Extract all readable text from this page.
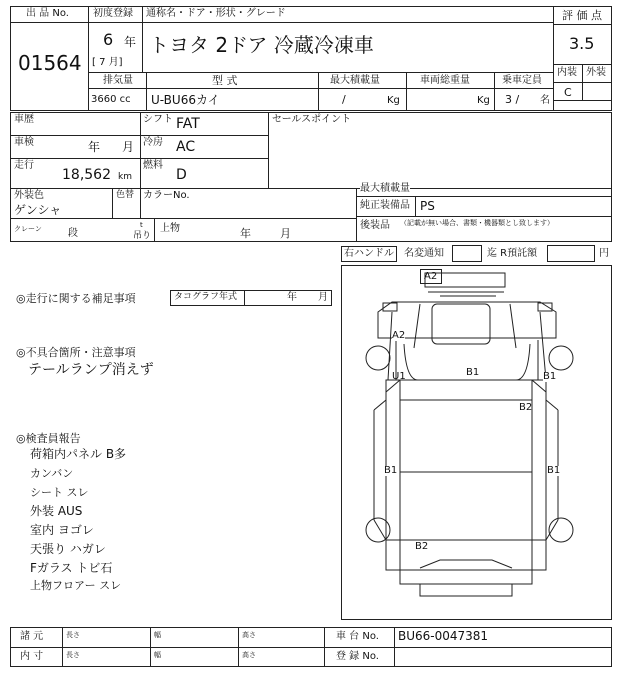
出 品 No.
01564
初度登録
6 年
[ 7 月]
通称名・ドア・形状・グレード
トヨタ 2ドア 冷蔵冷凍車
評 価 点
3.5
内装 外装
C
排気量
3660 cc
型 式
U-BU66カイ
最大積載量
/	Kg
車両総重量
Kg
乗車定員
3 / 名
車歴	シフト FAT	セールスポイント
車検	年 月 冷房 AC
走行
18,562 km
燃料
D
外装色
ゲンシャ
色替 カラーNo.
最大積載量
純正装備品 PS
後装品 （記載が無い場合、書類・機器類とし致します）
クレーン	段
t
吊り
上物	年	月
右ハンドル 名変通知	迄 R預託額	円
◎走行に関する補足事項	タコグラフ年式	年 月
◎不具合箇所・注意事項
テールランプ消えず
◎検査員報告
荷箱内パネル B多
カンバン
シート スレ
外装 AUS
室内 ヨゴレ
天張り ハガレ
Fガラス トビ石
上物フロアー スレ
A2
A2
U1	B1	B1
B2
B1	B1
B2
諸 元	長さ	幅	高さ
内 寸	長さ	幅	高さ
車 台 No. BU66-0047381
登 録 No.
